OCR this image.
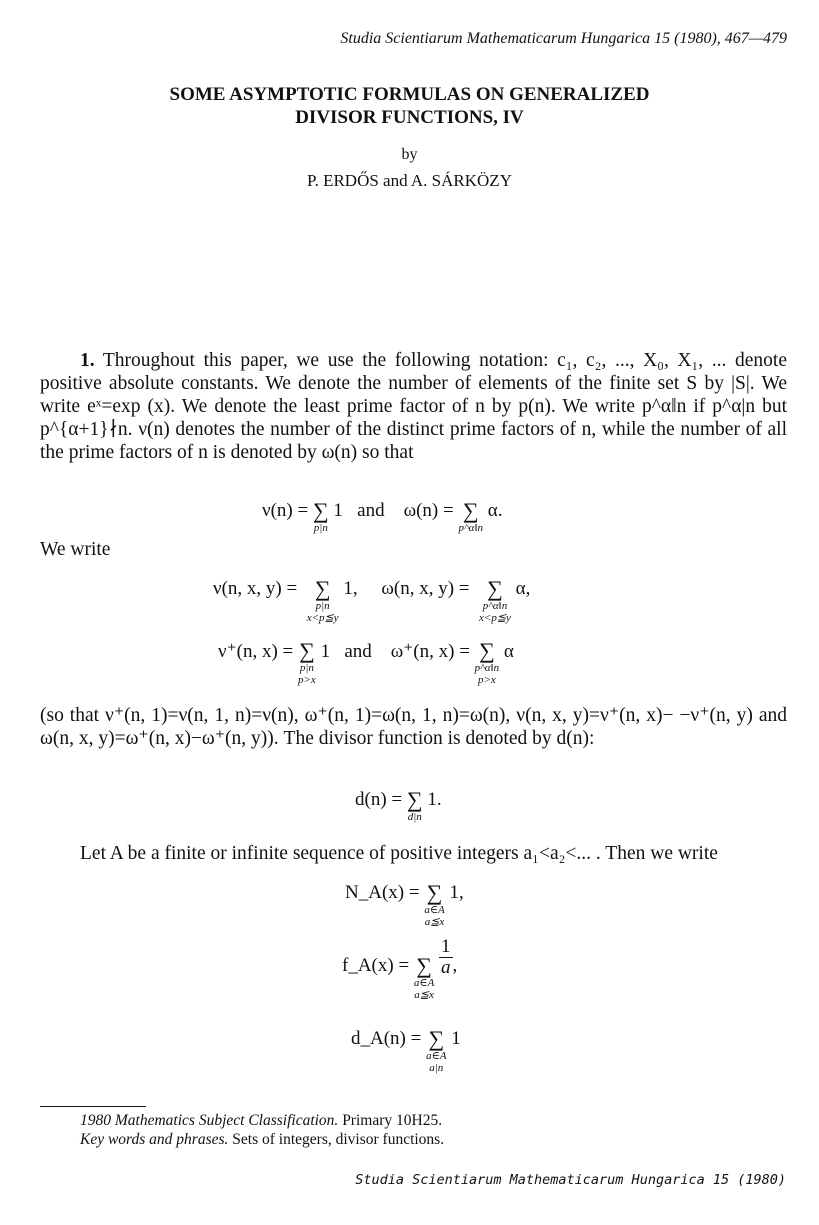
Studia Scientiarum Mathematicarum Hungarica 15 (1980), 467—479
SOME ASYMPTOTIC FORMULAS ON GENERALIZED
DIVISOR FUNCTIONS, IV
by
P. ERDŐS and A. SÁRKÖZY

1. Throughout this paper, we use the following notation: c₁, c₂, ..., X₀, X₁, ... denote positive absolute constants. We denote the number of elements of the finite set S by |S|. We write eˣ=exp (x). We denote the least prime factor of n by p(n). We write p^α‖n if p^α|n but p^{α+1}∤n. ν(n) denotes the number of the distinct prime factors of n, while the number of all the prime factors of n is denoted by ω(n) so that

ν(n) = ∑
p|n
1 and ω(n) = ∑
p^α‖n
α.
We write
ν(n, x, y) = ∑
p|n
x<p≦y
1, ω(n, x, y) = ∑
p^α‖n
x<p≦y
α,
ν⁺(n, x) = ∑
p|n
p>x
1 and ω⁺(n, x) = ∑
p^α‖n
p>x
α
(so that ν⁺(n, 1)=ν(n, 1, n)=ν(n), ω⁺(n, 1)=ω(n, 1, n)=ω(n), ν(n, x, y)=ν⁺(n, x)− −ν⁺(n, y) and ω(n, x, y)=ω⁺(n, x)−ω⁺(n, y)). The divisor function is denoted by d(n):
d(n) = ∑
d|n
1.
Let A be a finite or infinite sequence of positive integers a₁<a₂<... . Then we write
N_A(x) = ∑
a∈A
a≦x
1,
f_A(x) = ∑
a∈A
a≦x

$\frac{1}{a}$ ,
d_A(n) = ∑
a∈A
a|n
1
1980 Mathematics Subject Classification. Primary 10H25.
Key words and phrases. Sets of integers, divisor functions.
Studia Scientiarum Mathematicarum Hungarica 15 (1980)
